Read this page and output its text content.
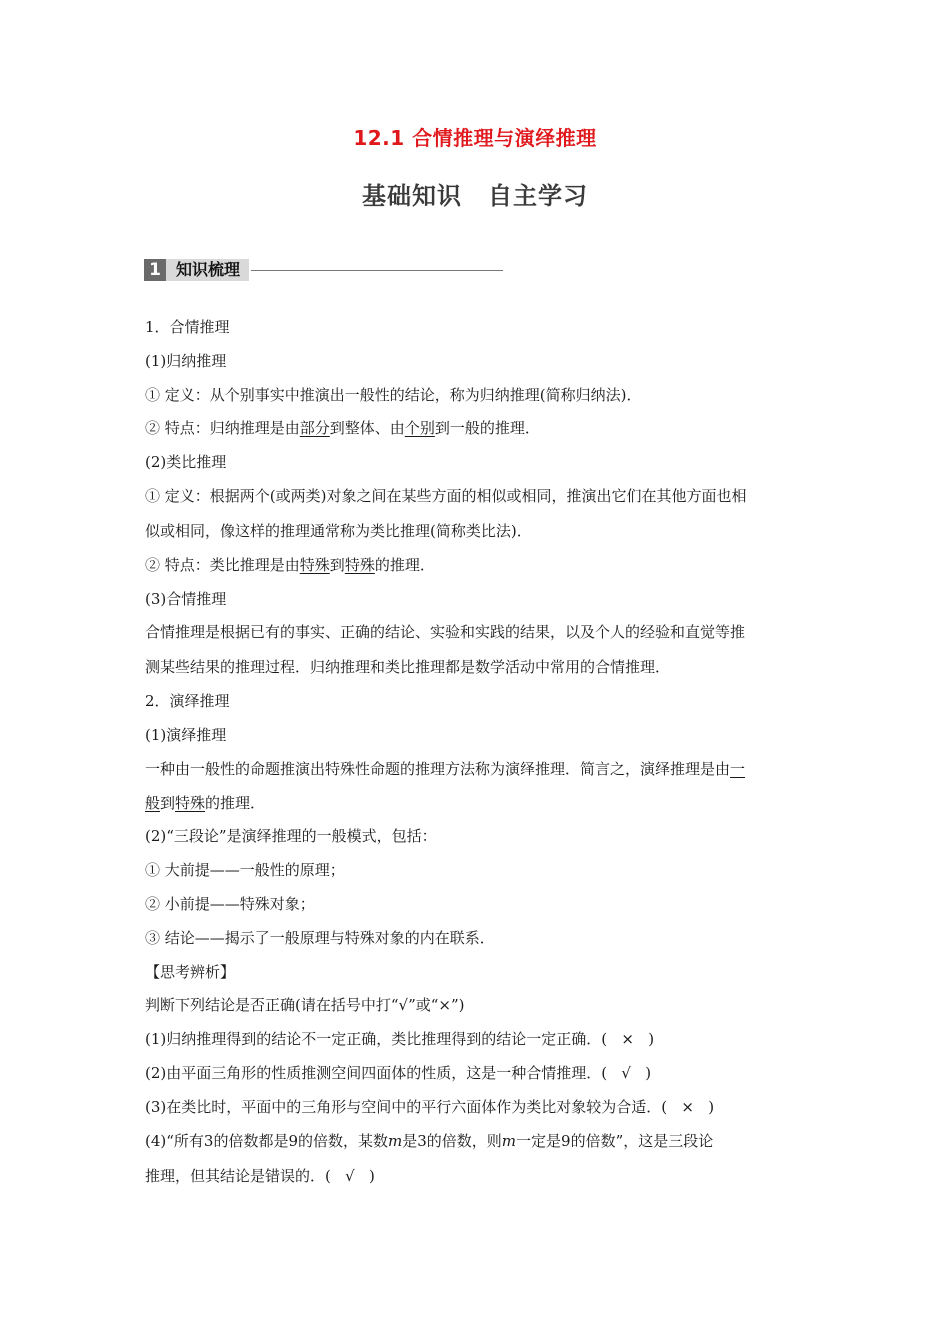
12.1 合情推理与演绎推理
基础知识 自主学习
1 知识梳理
1．合情推理
(1)归纳推理
① 定义：从个别事实中推演出一般性的结论，称为归纳推理(简称归纳法)．
② 特点：归纳推理是由部分到整体、由个别到一般的推理．
(2)类比推理
① 定义：根据两个(或两类)对象之间在某些方面的相似或相同，推演出它们在其他方面也相
似或相同，像这样的推理通常称为类比推理(简称类比法)．
② 特点：类比推理是由特殊到特殊的推理．
(3)合情推理
合情推理是根据已有的事实、正确的结论、实验和实践的结果，以及个人的经验和直觉等推
测某些结果的推理过程．归纳推理和类比推理都是数学活动中常用的合情推理．
2．演绎推理
(1)演绎推理
一种由一般性的命题推演出特殊性命题的推理方法称为演绎推理．简言之，演绎推理是由一
般到特殊的推理．
(2)“三段论”是演绎推理的一般模式，包括：
① 大前提——一般性的原理；
② 小前提——特殊对象；
③ 结论——揭示了一般原理与特殊对象的内在联系．
【思考辨析】
判断下列结论是否正确(请在括号中打“√”或“×”)
(1)归纳推理得到的结论不一定正确，类比推理得到的结论一定正确．(   ×   )
(2)由平面三角形的性质推测空间四面体的性质，这是一种合情推理．(   √   )
(3)在类比时，平面中的三角形与空间中的平行六面体作为类比对象较为合适．(   ×   )
(4)“所有3的倍数都是9的倍数，某数m是3的倍数，则m一定是9的倍数”，这是三段论
推理，但其结论是错误的．(   √   )
